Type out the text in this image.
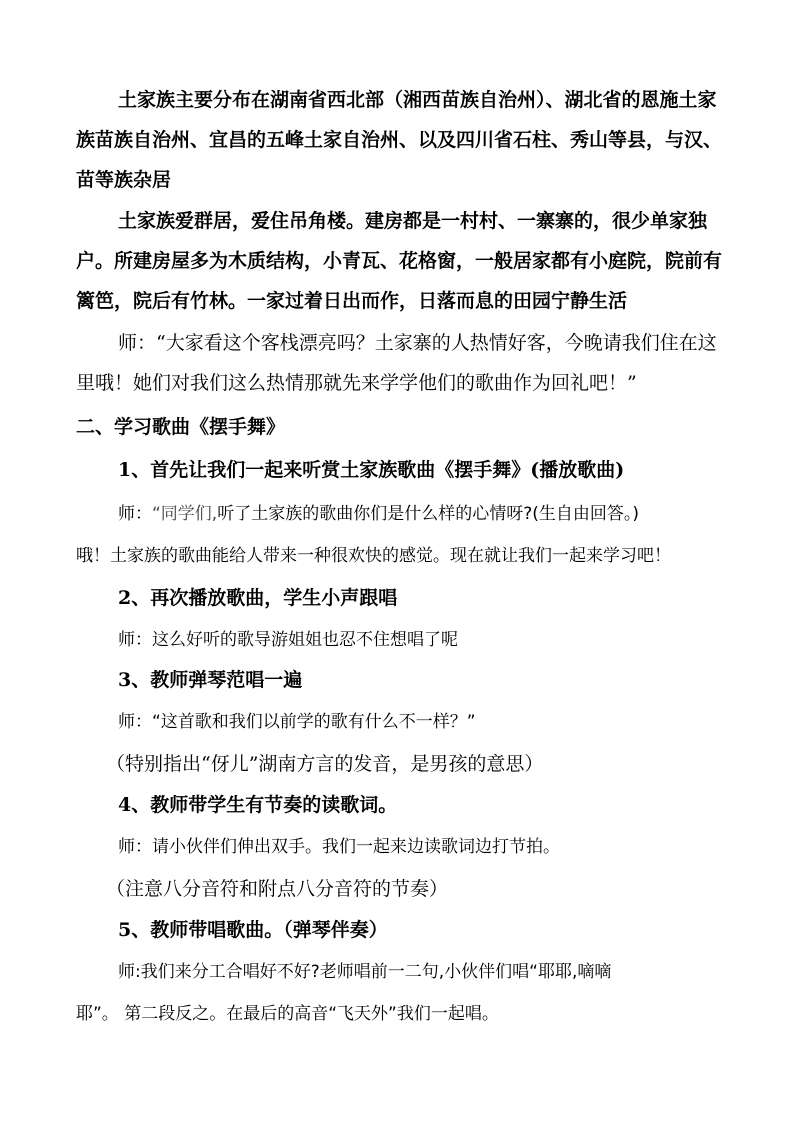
土家族主要分布在湖南省西北部（湘西苗族自治州）、湖北省的恩施土家

族苗族自治州、宜昌的五峰土家自治州、以及四川省石柱、秀山等县，与汉、

苗等族杂居

土家族爱群居，爱住吊角楼。建房都是一村村、一寨寨的，很少单家独

户。所建房屋多为木质结构，小青瓦、花格窗，一般居家都有小庭院，院前有

篱笆，院后有竹林。一家过着日出而作，日落而息的田园宁静生活

师：“大家看这个客栈漂亮吗？土家寨的人热情好客，今晚请我们住在这

里哦！她们对我们这么热情那就先来学学他们的歌曲作为回礼吧！”

二、学习歌曲《摆手舞》

1、首先让我们一起来听赏土家族歌曲《摆手舞》(播放歌曲)

师：“同学们,听了土家族的歌曲你们是什么样的心情呀?(生自由回答。)

哦！土家族的歌曲能给人带来一种很欢快的感觉。现在就让我们一起来学习吧！

2、再次播放歌曲，学生小声跟唱

师：这么好听的歌导游姐姐也忍不住想唱了呢

3、教师弹琴范唱一遍

师：“这首歌和我们以前学的歌有什么不一样？”

（特别指出“伢儿”湖南方言的发音，是男孩的意思）

4、教师带学生有节奏的读歌词。

师：请小伙伴们伸出双手。我们一起来边读歌词边打节拍。

（注意八分音符和附点八分音符的节奏）

5、教师带唱歌曲。（弹琴伴奏）

师:我们来分工合唱好不好?老师唱前一二句,小伙伴们唱“耶耶,嘀嘀

耶”。 第二段反之。在最后的高音“飞天外”我们一起唱。
